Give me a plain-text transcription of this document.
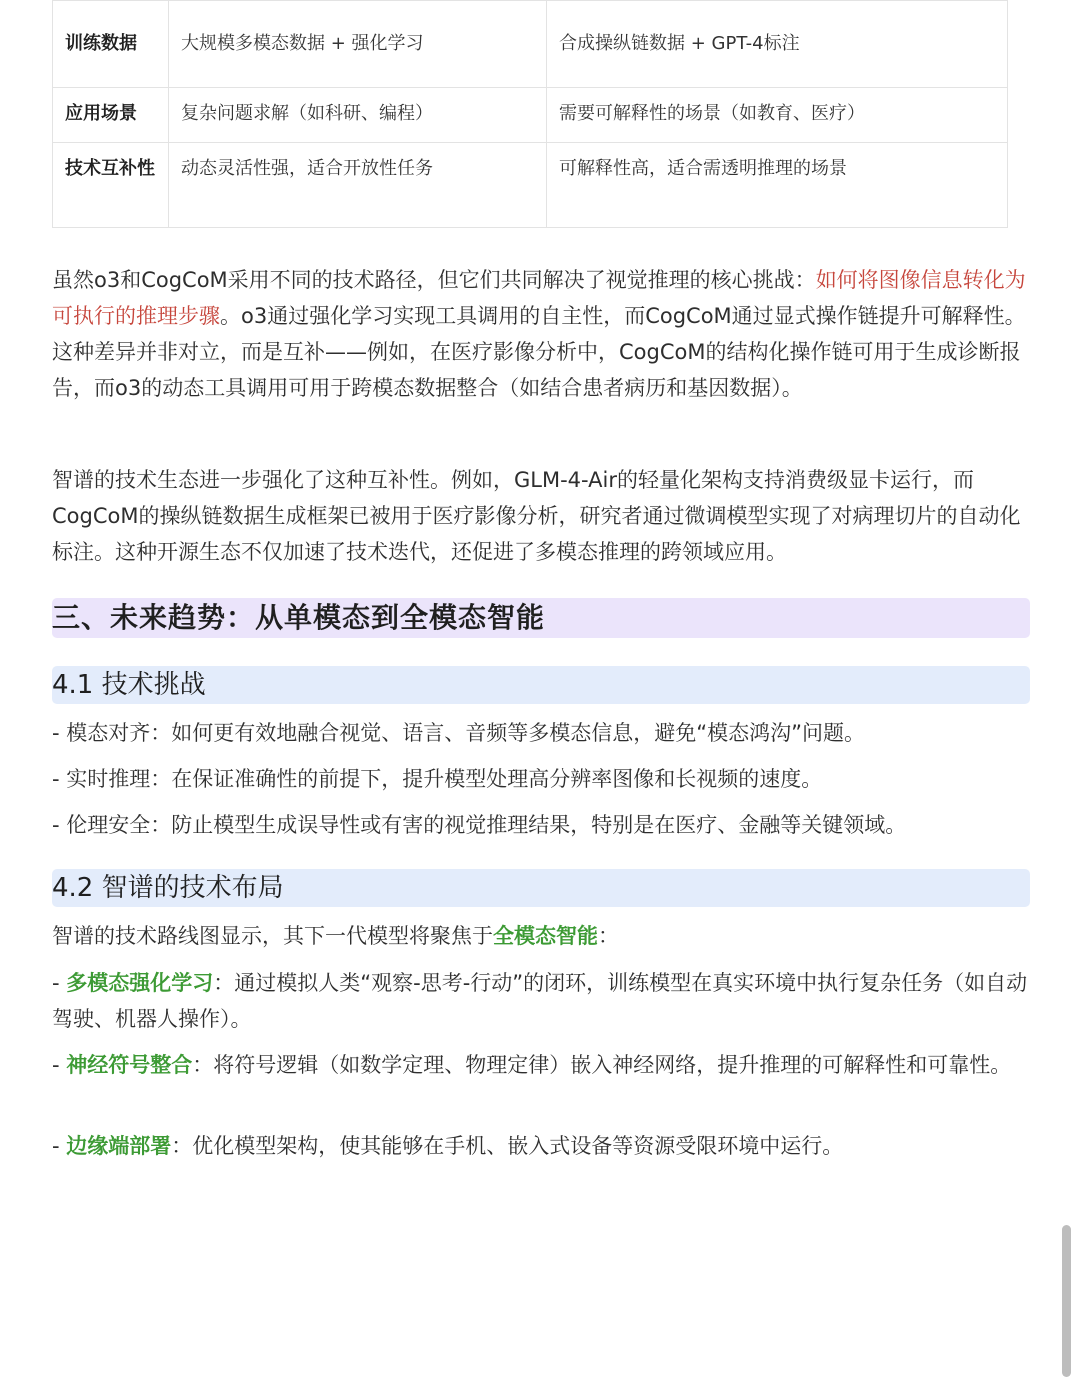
训练数据	大规模多模态数据 + 强化学习	合成操纵链数据 + GPT-4标注
应用场景	复杂问题求解（如科研、编程）	需要可解释性的场景（如教育、医疗）
技术互补性	动态灵活性强，适合开放性任务	可解释性高，适合需透明推理的场景

虽然o3和CogCoM采用不同的技术路径，但它们共同解决了视觉推理的核心挑战：如何将图像信息转化为可执行的推理步骤。o3通过强化学习实现工具调用的自主性，而CogCoM通过显式操作链提升可解释性。这种差异并非对立，而是互补——例如，在医疗影像分析中，CogCoM的结构化操作链可用于生成诊断报告，而o3的动态工具调用可用于跨模态数据整合（如结合患者病历和基因数据）。

智谱的技术生态进一步强化了这种互补性。例如，GLM-4-Air的轻量化架构支持消费级显卡运行，而CogCoM的操纵链数据生成框架已被用于医疗影像分析，研究者通过微调模型实现了对病理切片的自动化标注。这种开源生态不仅加速了技术迭代，还促进了多模态推理的跨领域应用。

三、未来趋势：从单模态到全模态智能
4.1 技术挑战

- 模态对齐：如何更有效地融合视觉、语言、音频等多模态信息，避免“模态鸿沟”问题。

- 实时推理：在保证准确性的前提下，提升模型处理高分辨率图像和长视频的速度。

- 伦理安全：防止模型生成误导性或有害的视觉推理结果，特别是在医疗、金融等关键领域。

4.2 智谱的技术布局

智谱的技术路线图显示，其下一代模型将聚焦于全模态智能：

- 多模态强化学习：通过模拟人类“观察-思考-行动”的闭环，训练模型在真实环境中执行复杂任务（如自动驾驶、机器人操作）。

- 神经符号整合：将符号逻辑（如数学定理、物理定律）嵌入神经网络，提升推理的可解释性和可靠性。

- 边缘端部署：优化模型架构，使其能够在手机、嵌入式设备等资源受限环境中运行。
